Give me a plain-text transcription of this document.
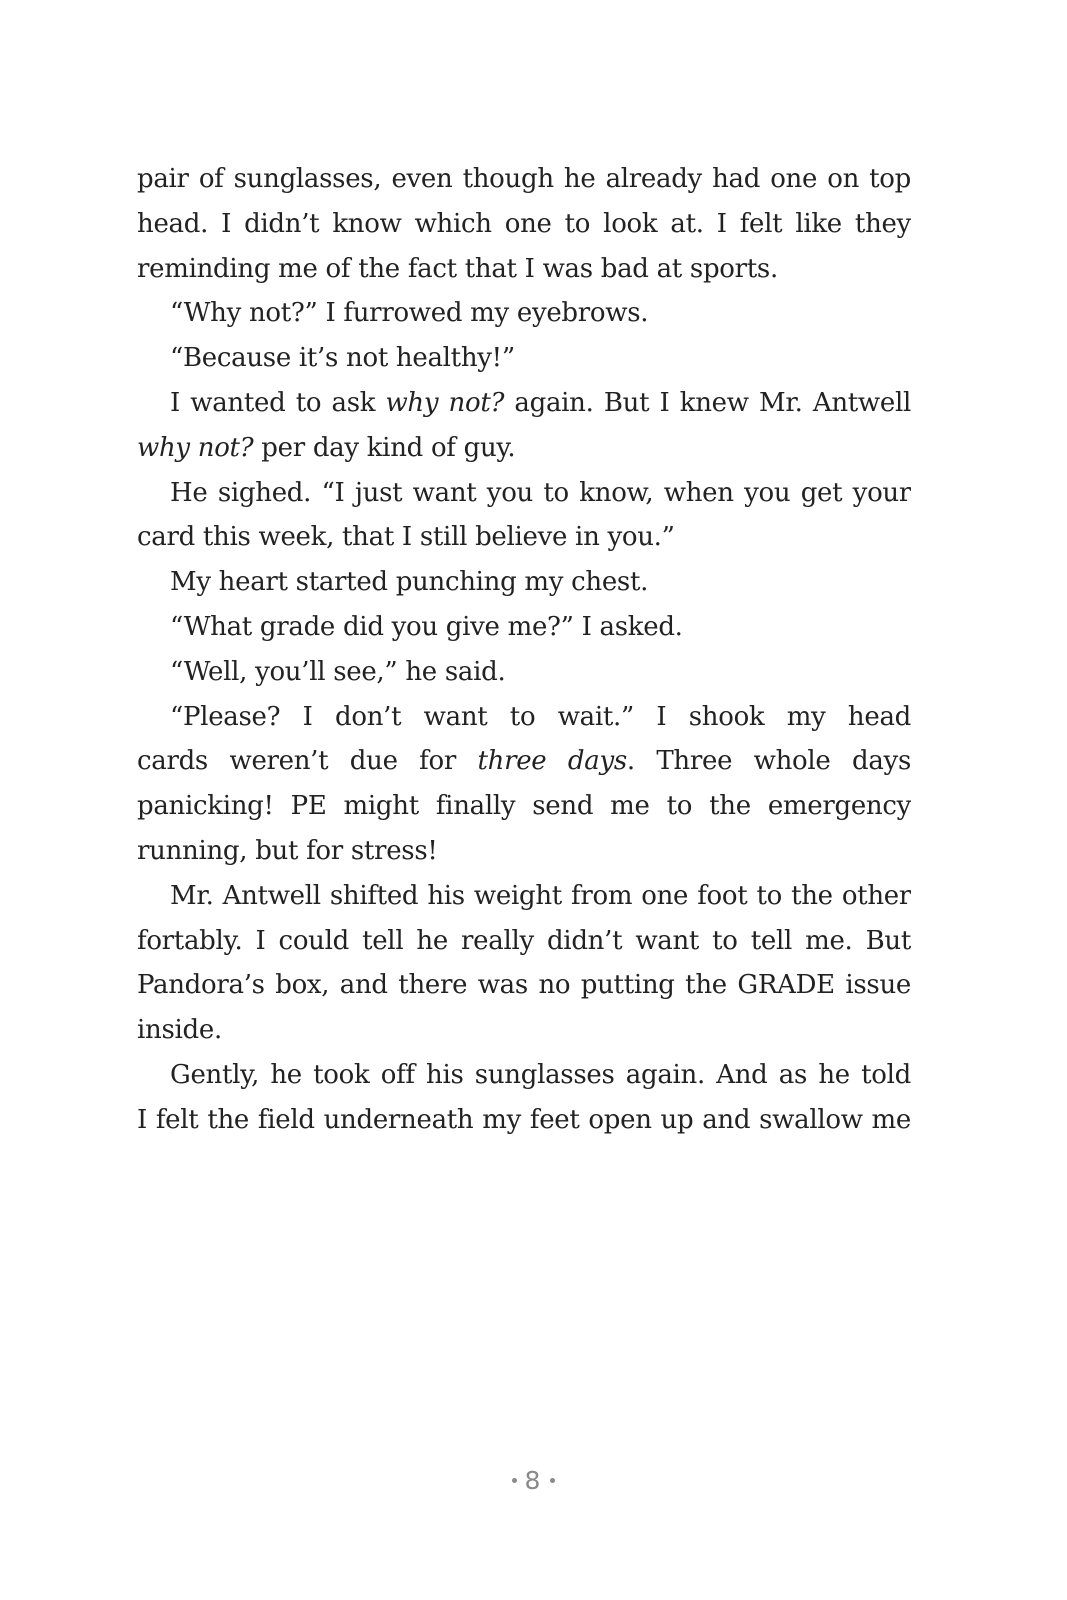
pair of sunglasses, even though he already had one on top
head. I didn’t know which one to look at. I felt like they
reminding me of the fact that I was bad at sports.
“Why not?” I furrowed my eyebrows.
“Because it’s not healthy!”
I wanted to ask why not? again. But I knew Mr. Antwell
why not? per day kind of guy.
He sighed. “I just want you to know, when you get your
card this week, that I still believe in you.”
My heart started punching my chest.
“What grade did you give me?” I asked.
“Well, you’ll see,” he said.
“Please? I don’t want to wait.” I shook my head
cards weren’t due for three days. Three whole days
panicking! PE might finally send me to the emergency
running, but for stress!
Mr. Antwell shifted his weight from one foot to the other
fortably. I could tell he really didn’t want to tell me. But
Pandora’s box, and there was no putting the GRADE issue
inside.
Gently, he took off his sunglasses again. And as he told
I felt the field underneath my feet open up and swallow me
8
